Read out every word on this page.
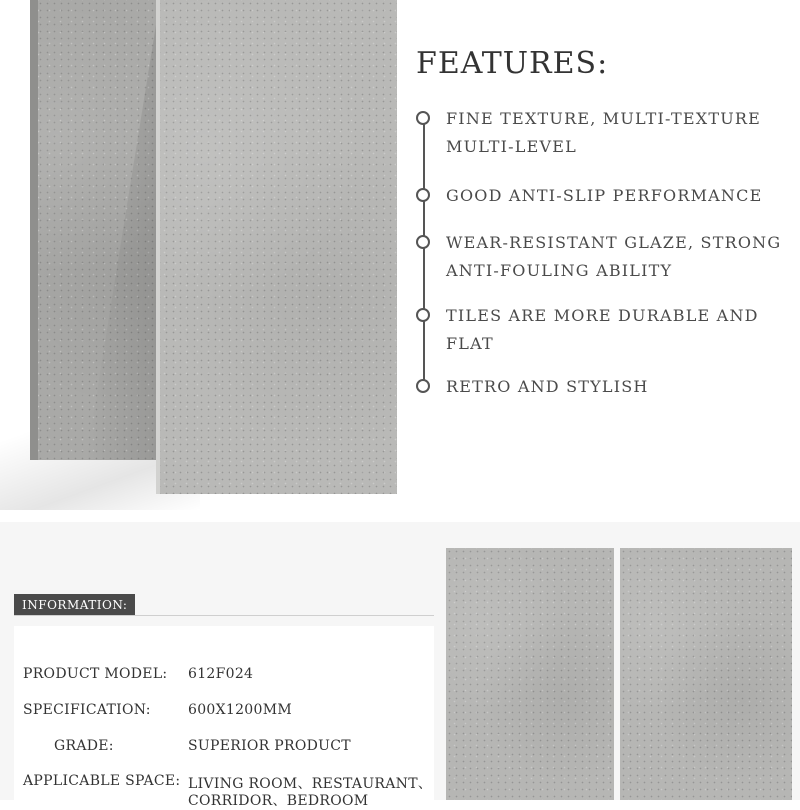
FEATURES:
FINE TEXTURE, MULTI-TEXTURE
MULTI-LEVEL
GOOD ANTI-SLIP PERFORMANCE
WEAR-RESISTANT GLAZE, STRONG
ANTI-FOULING ABILITY
TILES ARE MORE DURABLE AND
FLAT
RETRO AND STYLISH
INFORMATION:
PRODUCT MODEL: 612F024
SPECIFICATION:	600X1200MM
GRADE:	SUPERIOR PRODUCT
APPLICABLE SPACE: LIVING ROOM、RESTAURANT、
CORRIDOR、BEDROOM
